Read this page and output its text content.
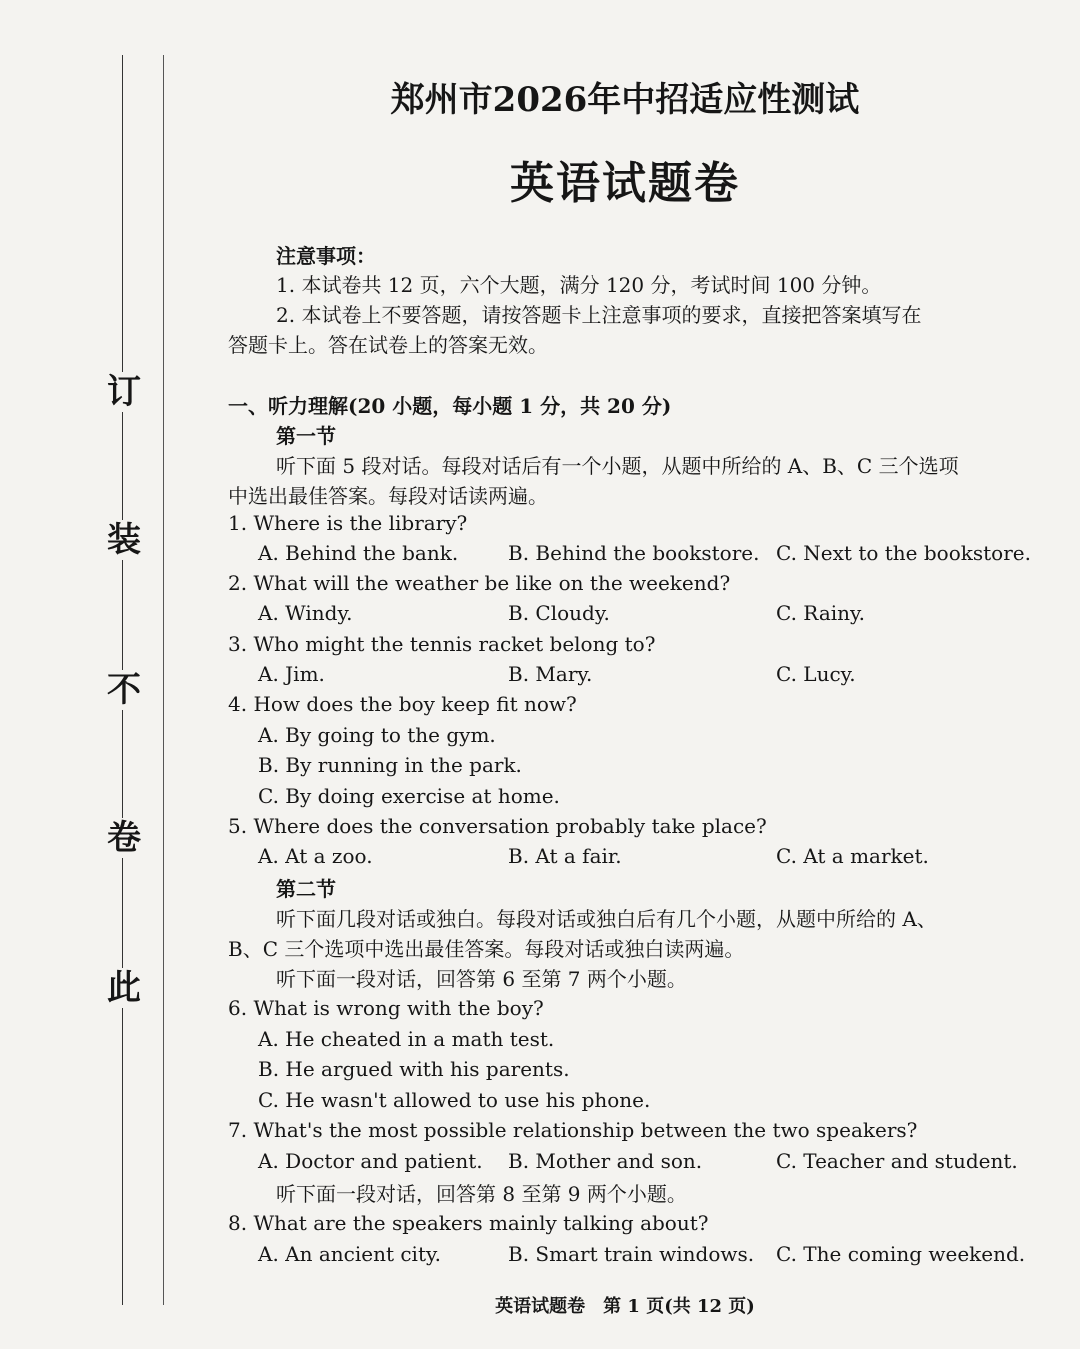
订
装
不
卷
此
郑州市2026年中招适应性测试
英语试题卷
注意事项：
1. 本试卷共 12 页，六个大题，满分 120 分，考试时间 100 分钟。
2. 本试卷上不要答题，请按答题卡上注意事项的要求，直接把答案填写在
答题卡上。答在试卷上的答案无效。
一、听力理解(20 小题，每小题 1 分，共 20 分)
第一节
听下面 5 段对话。每段对话后有一个小题，从题中所给的 A、B、C 三个选项
中选出最佳答案。每段对话读两遍。
1. Where is the library?
A. Behind the bank. B. Behind the bookstore. C. Next to the bookstore.
2. What will the weather be like on the weekend?
A. Windy.	B. Cloudy.	C. Rainy.
3. Who might the tennis racket belong to?
A. Jim.	B. Mary.	C. Lucy.
4. How does the boy keep fit now?
A. By going to the gym.
B. By running in the park.
C. By doing exercise at home.
5. Where does the conversation probably take place?
A. At a zoo.	B. At a fair.	C. At a market.
第二节
听下面几段对话或独白。每段对话或独白后有几个小题，从题中所给的 A、
B、C 三个选项中选出最佳答案。每段对话或独白读两遍。
听下面一段对话，回答第 6 至第 7 两个小题。
6. What is wrong with the boy?
A. He cheated in a math test.
B. He argued with his parents.
C. He wasn't allowed to use his phone.
7. What's the most possible relationship between the two speakers?
A. Doctor and patient. B. Mother and son.	C. Teacher and student.
听下面一段对话，回答第 8 至第 9 两个小题。
8. What are the speakers mainly talking about?
A. An ancient city.	B. Smart train windows. C. The coming weekend.
英语试题卷　第 1 页(共 12 页)
